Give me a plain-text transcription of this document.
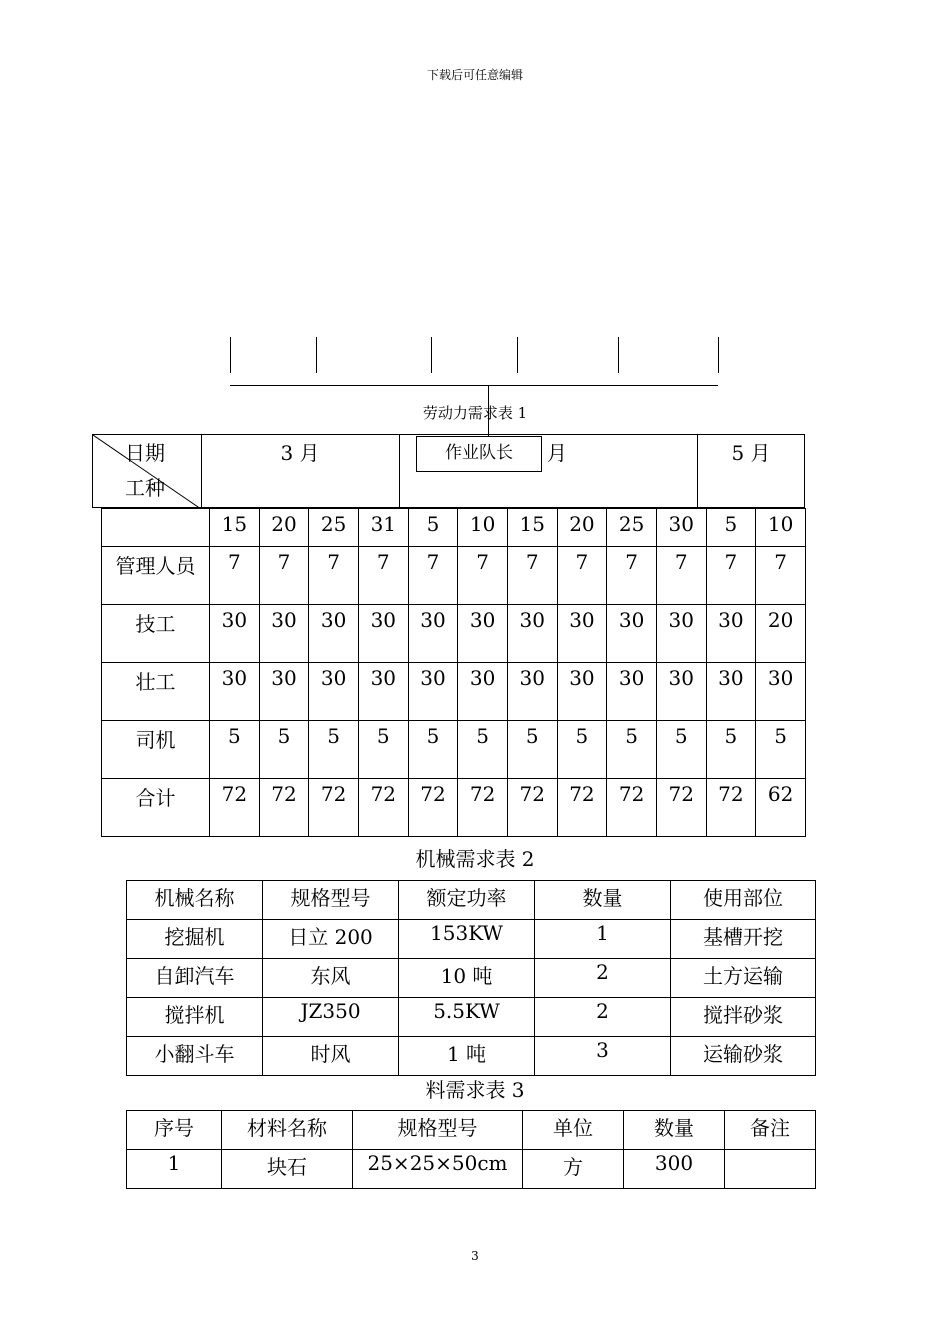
下载后可任意编辑
劳动力需求表 1
日期
工种
3 月	月	5 月
作业队长
	15	20	25	31	5	10	15	20	25	30	5	10
管理人员	7	7	7	7	7	7	7	7	7	7	7	7
技工	30	30	30	30	30	30	30	30	30	30	30	20
壮工	30	30	30	30	30	30	30	30	30	30	30	30
司机	5	5	5	5	5	5	5	5	5	5	5	5
合计	72	72	72	72	72	72	72	72	72	72	72	62
机械需求表 2
机械名称	规格型号	额定功率	数量	使用部位
挖掘机	日立 200	153KW	1	基槽开挖
自卸汽车	东风	10 吨	2	土方运输
搅拌机	JZ350	5.5KW	2	搅拌砂浆
小翻斗车	时风	1 吨	3	运输砂浆
料需求表 3
序号	材料名称	规格型号	单位	数量	备注
1	块石	25×25×50cm	方	300	
3
